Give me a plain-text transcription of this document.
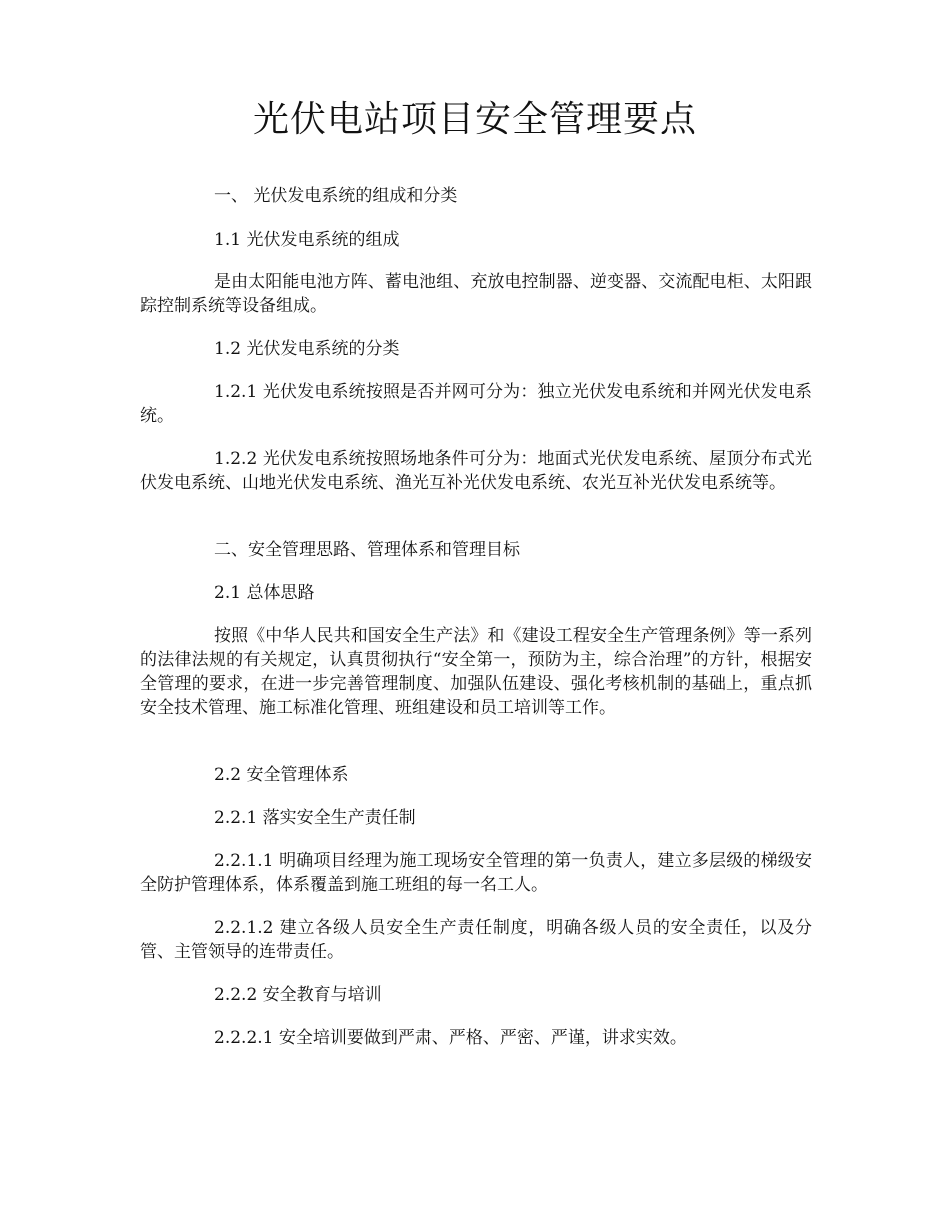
光伏电站项目安全管理要点

一、 光伏发电系统的组成和分类

1.1 光伏发电系统的组成

是由太阳能电池方阵、蓄电池组、充放电控制器、逆变器、交流配电柜、太阳跟踪控制系统等设备组成。

1.2 光伏发电系统的分类

1.2.1 光伏发电系统按照是否并网可分为：独立光伏发电系统和并网光伏发电系统。

1.2.2 光伏发电系统按照场地条件可分为：地面式光伏发电系统、屋顶分布式光伏发电系统、山地光伏发电系统、渔光互补光伏发电系统、农光互补光伏发电系统等。

二、安全管理思路、管理体系和管理目标

2.1 总体思路

按照《中华人民共和国安全生产法》和《建设工程安全生产管理条例》等一系列的法律法规的有关规定，认真贯彻执行“安全第一，预防为主，综合治理”的方针，根据安全管理的要求，在进一步完善管理制度、加强队伍建设、强化考核机制的基础上，重点抓安全技术管理、施工标准化管理、班组建设和员工培训等工作。

2.2 安全管理体系

2.2.1 落实安全生产责任制

2.2.1.1 明确项目经理为施工现场安全管理的第一负责人，建立多层级的梯级安全防护管理体系，体系覆盖到施工班组的每一名工人。

2.2.1.2 建立各级人员安全生产责任制度，明确各级人员的安全责任，以及分管、主管领导的连带责任。

2.2.2 安全教育与培训

2.2.2.1 安全培训要做到严肃、严格、严密、严谨，讲求实效。
